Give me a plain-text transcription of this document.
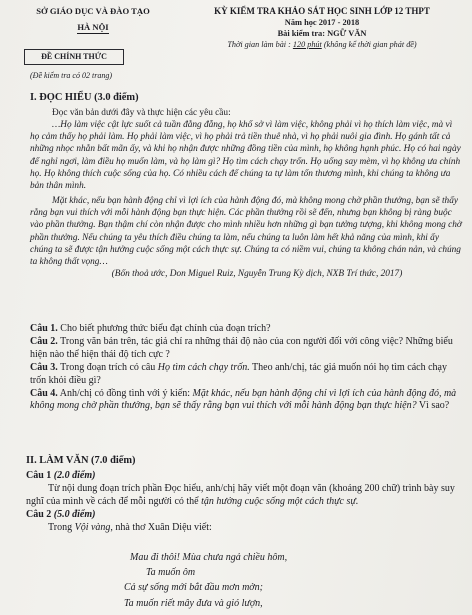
SỞ GIÁO DỤC VÀ ĐÀO TẠO
HÀ NỘI
ĐỀ CHÍNH THỨC
(Đề kiểm tra có 02 trang)
KỲ KIỂM TRA KHẢO SÁT HỌC SINH LỚP 12 THPT
Năm học 2017 - 2018
Bài kiểm tra: NGỮ VĂN
Thời gian làm bài : 120 phút (không kể thời gian phát đề)
I. ĐỌC HIỂU (3.0 điểm)

Đọc văn bản dưới đây và thực hiện các yêu cầu:

…Họ làm việc cật lực suốt cả tuần đằng đẵng, họ khổ sở vì làm việc, không phải vì họ thích làm việc, mà vì họ cảm thấy họ phải làm. Họ phải làm việc, vì họ phải trả tiền thuê nhà, vì họ phải nuôi gia đình. Họ gánh tất cả những nhọc nhằn bất mãn ấy, và khi họ nhận được những đồng tiền của mình, họ không hạnh phúc. Họ có hai ngày để nghỉ ngơi, làm điều họ muốn làm, và họ làm gì? Họ tìm cách chạy trốn. Họ uống say mèm, vì họ không ưa chính họ. Họ không thích cuộc sống của họ. Có nhiều cách để chúng ta tự làm tổn thương mình, khi chúng ta không ưa bản thân mình.

Mặt khác, nếu bạn hành động chỉ vì lợi ích của hành động đó, mà không mong chờ phần thưởng, bạn sẽ thấy rằng bạn vui thích với mỗi hành động bạn thực hiện. Các phần thưởng rồi sẽ đến, nhưng bạn không bị ràng buộc vào phần thưởng. Bạn thậm chí còn nhận được cho mình nhiều hơn những gì bạn tưởng tượng, khi không mong chờ phần thưởng. Nếu chúng ta yêu thích điều chúng ta làm, nếu chúng ta luôn làm hết khả năng của mình, khi ấy chúng ta sẽ được tận hưởng cuộc sống một cách thực sự. Chúng ta có niềm vui, chúng ta không chán nản, và chúng ta không thất vọng…

(Bốn thoả ước, Don Miguel Ruiz, Nguyễn Trung Kỳ dịch, NXB Trí thức, 2017)

Câu 1. Cho biết phương thức biểu đạt chính của đoạn trích?

Câu 2. Trong văn bản trên, tác giả chỉ ra những thái độ nào của con người đối với công việc? Những biểu hiện nào thể hiện thái độ tích cực ?

Câu 3. Trong đoạn trích có câu Họ tìm cách chạy trốn. Theo anh/chị, tác giả muốn nói họ tìm cách chạy trốn khỏi điều gì?

Câu 4. Anh/chị có đồng tình với ý kiến: Mặt khác, nếu bạn hành động chỉ vì lợi ích của hành động đó, mà không mong chờ phần thưởng, bạn sẽ thấy rằng bạn vui thích với mỗi hành động bạn thực hiện? Vì sao?

II. LÀM VĂN (7.0 điểm)

Câu 1 (2.0 điểm)

Từ nội dung đoạn trích phần Đọc hiểu, anh/chị hãy viết một đoạn văn (khoảng 200 chữ) trình bày suy nghĩ của mình về cách để mỗi người có thể tận hưởng cuộc sống một cách thực sự.

Câu 2 (5.0 điểm)

Trong Vội vàng, nhà thơ Xuân Diệu viết:

Mau đi thôi! Mùa chưa ngả chiều hôm,
Ta muốn ôm
Cả sự sống mới bắt đầu mơn mởn;
Ta muốn riết mây đưa và gió lượn,
